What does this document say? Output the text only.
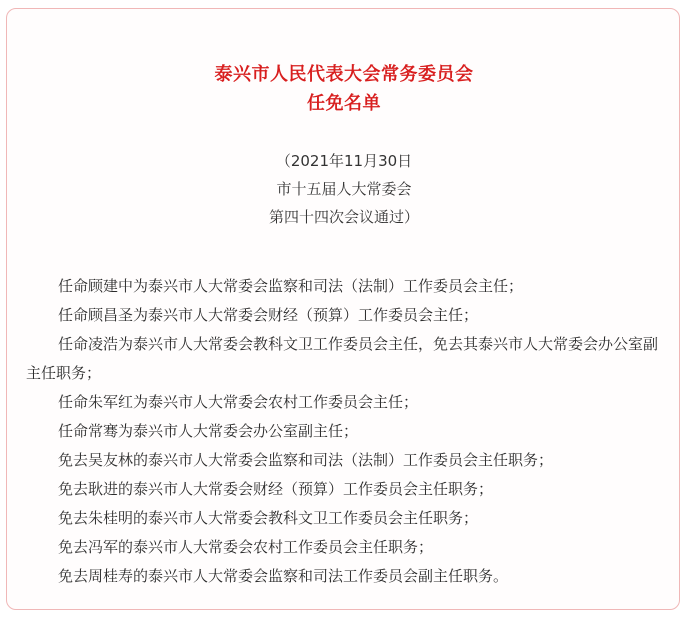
泰兴市人民代表大会常务委员会
任免名单
（2021年11月30日
市十五届人大常委会
第四十四次会议通过）

任命顾建中为泰兴市人大常委会监察和司法（法制）工作委员会主任；

任命顾昌圣为泰兴市人大常委会财经（预算）工作委员会主任；

任命凌浩为泰兴市人大常委会教科文卫工作委员会主任，免去其泰兴市人大常委会办公室副主任职务；

任命朱军红为泰兴市人大常委会农村工作委员会主任；

任命常骞为泰兴市人大常委会办公室副主任；

免去吴友林的泰兴市人大常委会监察和司法（法制）工作委员会主任职务；

免去耿进的泰兴市人大常委会财经（预算）工作委员会主任职务；

免去朱桂明的泰兴市人大常委会教科文卫工作委员会主任职务；

免去冯军的泰兴市人大常委会农村工作委员会主任职务；

免去周桂寿的泰兴市人大常委会监察和司法工作委员会副主任职务。
